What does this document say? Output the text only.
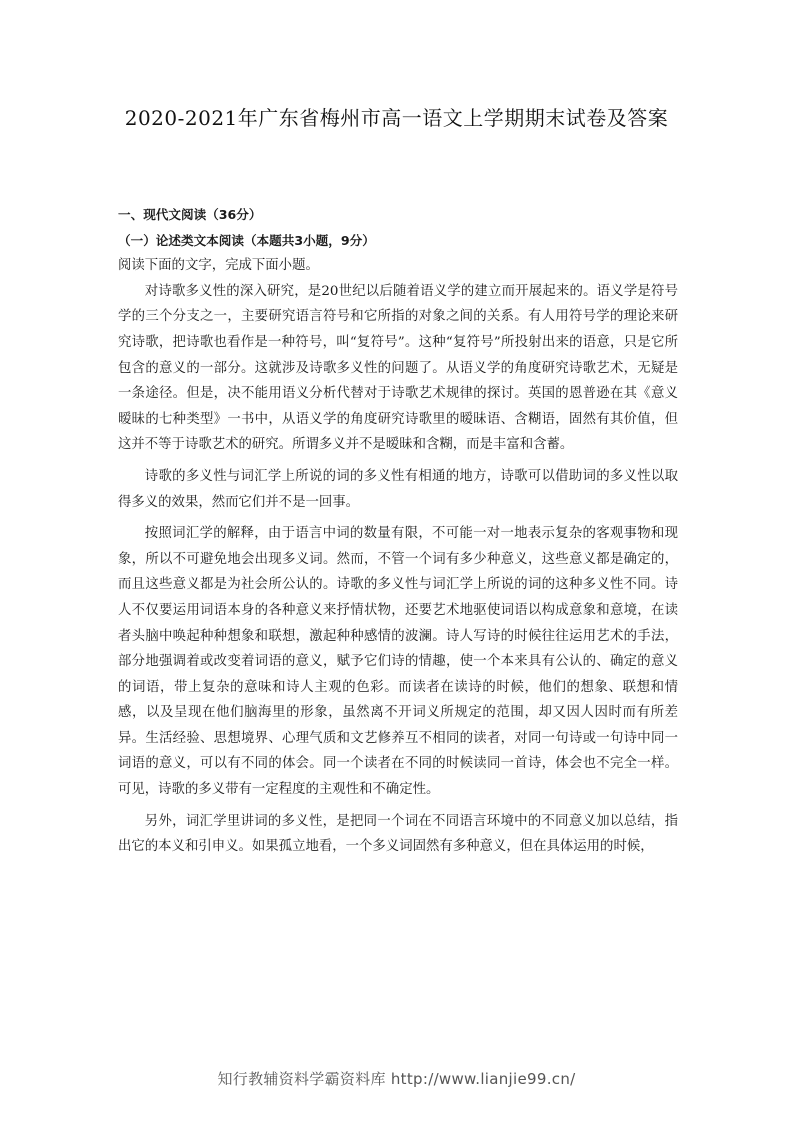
2020-2021年广东省梅州市高一语文上学期期末试卷及答案

一、现代文阅读（36分）

（一）论述类文本阅读（本题共3小题，9分）

阅读下面的文字，完成下面小题。

对诗歌多义性的深入研究，是20世纪以后随着语义学的建立而开展起来的。语义学是符号学的三个分支之一，主要研究语言符号和它所指的对象之间的关系。有人用符号学的理论来研究诗歌，把诗歌也看作是一种符号，叫“复符号”。这种“复符号”所投射出来的语意，只是它所包含的意义的一部分。这就涉及诗歌多义性的问题了。从语义学的角度研究诗歌艺术，无疑是一条途径。但是，决不能用语义分析代替对于诗歌艺术规律的探讨。英国的恩普逊在其《意义暧昧的七种类型》一书中，从语义学的角度研究诗歌里的暧昧语、含糊语，固然有其价值，但这并不等于诗歌艺术的研究。所谓多义并不是暧昧和含糊，而是丰富和含蓄。

诗歌的多义性与词汇学上所说的词的多义性有相通的地方，诗歌可以借助词的多义性以取得多义的效果，然而它们并不是一回事。

按照词汇学的解释，由于语言中词的数量有限，不可能一对一地表示复杂的客观事物和现象，所以不可避免地会出现多义词。然而，不管一个词有多少种意义，这些意义都是确定的，而且这些意义都是为社会所公认的。诗歌的多义性与词汇学上所说的词的这种多义性不同。诗人不仅要运用词语本身的各种意义来抒情状物，还要艺术地驱使词语以构成意象和意境，在读者头脑中唤起种种想象和联想，激起种种感情的波澜。诗人写诗的时候往往运用艺术的手法，部分地强调着或改变着词语的意义，赋予它们诗的情趣，使一个本来具有公认的、确定的意义的词语，带上复杂的意味和诗人主观的色彩。而读者在读诗的时候，他们的想象、联想和情感，以及呈现在他们脑海里的形象，虽然离不开词义所规定的范围，却又因人因时而有所差异。生活经验、思想境界、心理气质和文艺修养互不相同的读者，对同一句诗或一句诗中同一词语的意义，可以有不同的体会。同一个读者在不同的时候读同一首诗，体会也不完全一样。可见，诗歌的多义带有一定程度的主观性和不确定性。

另外，词汇学里讲词的多义性，是把同一个词在不同语言环境中的不同意义加以总结，指出它的本义和引申义。如果孤立地看，一个多义词固然有多种意义，但在具体运用的时候，

知行教辅资料学霸资料库 http://www.lianjie99.cn/
